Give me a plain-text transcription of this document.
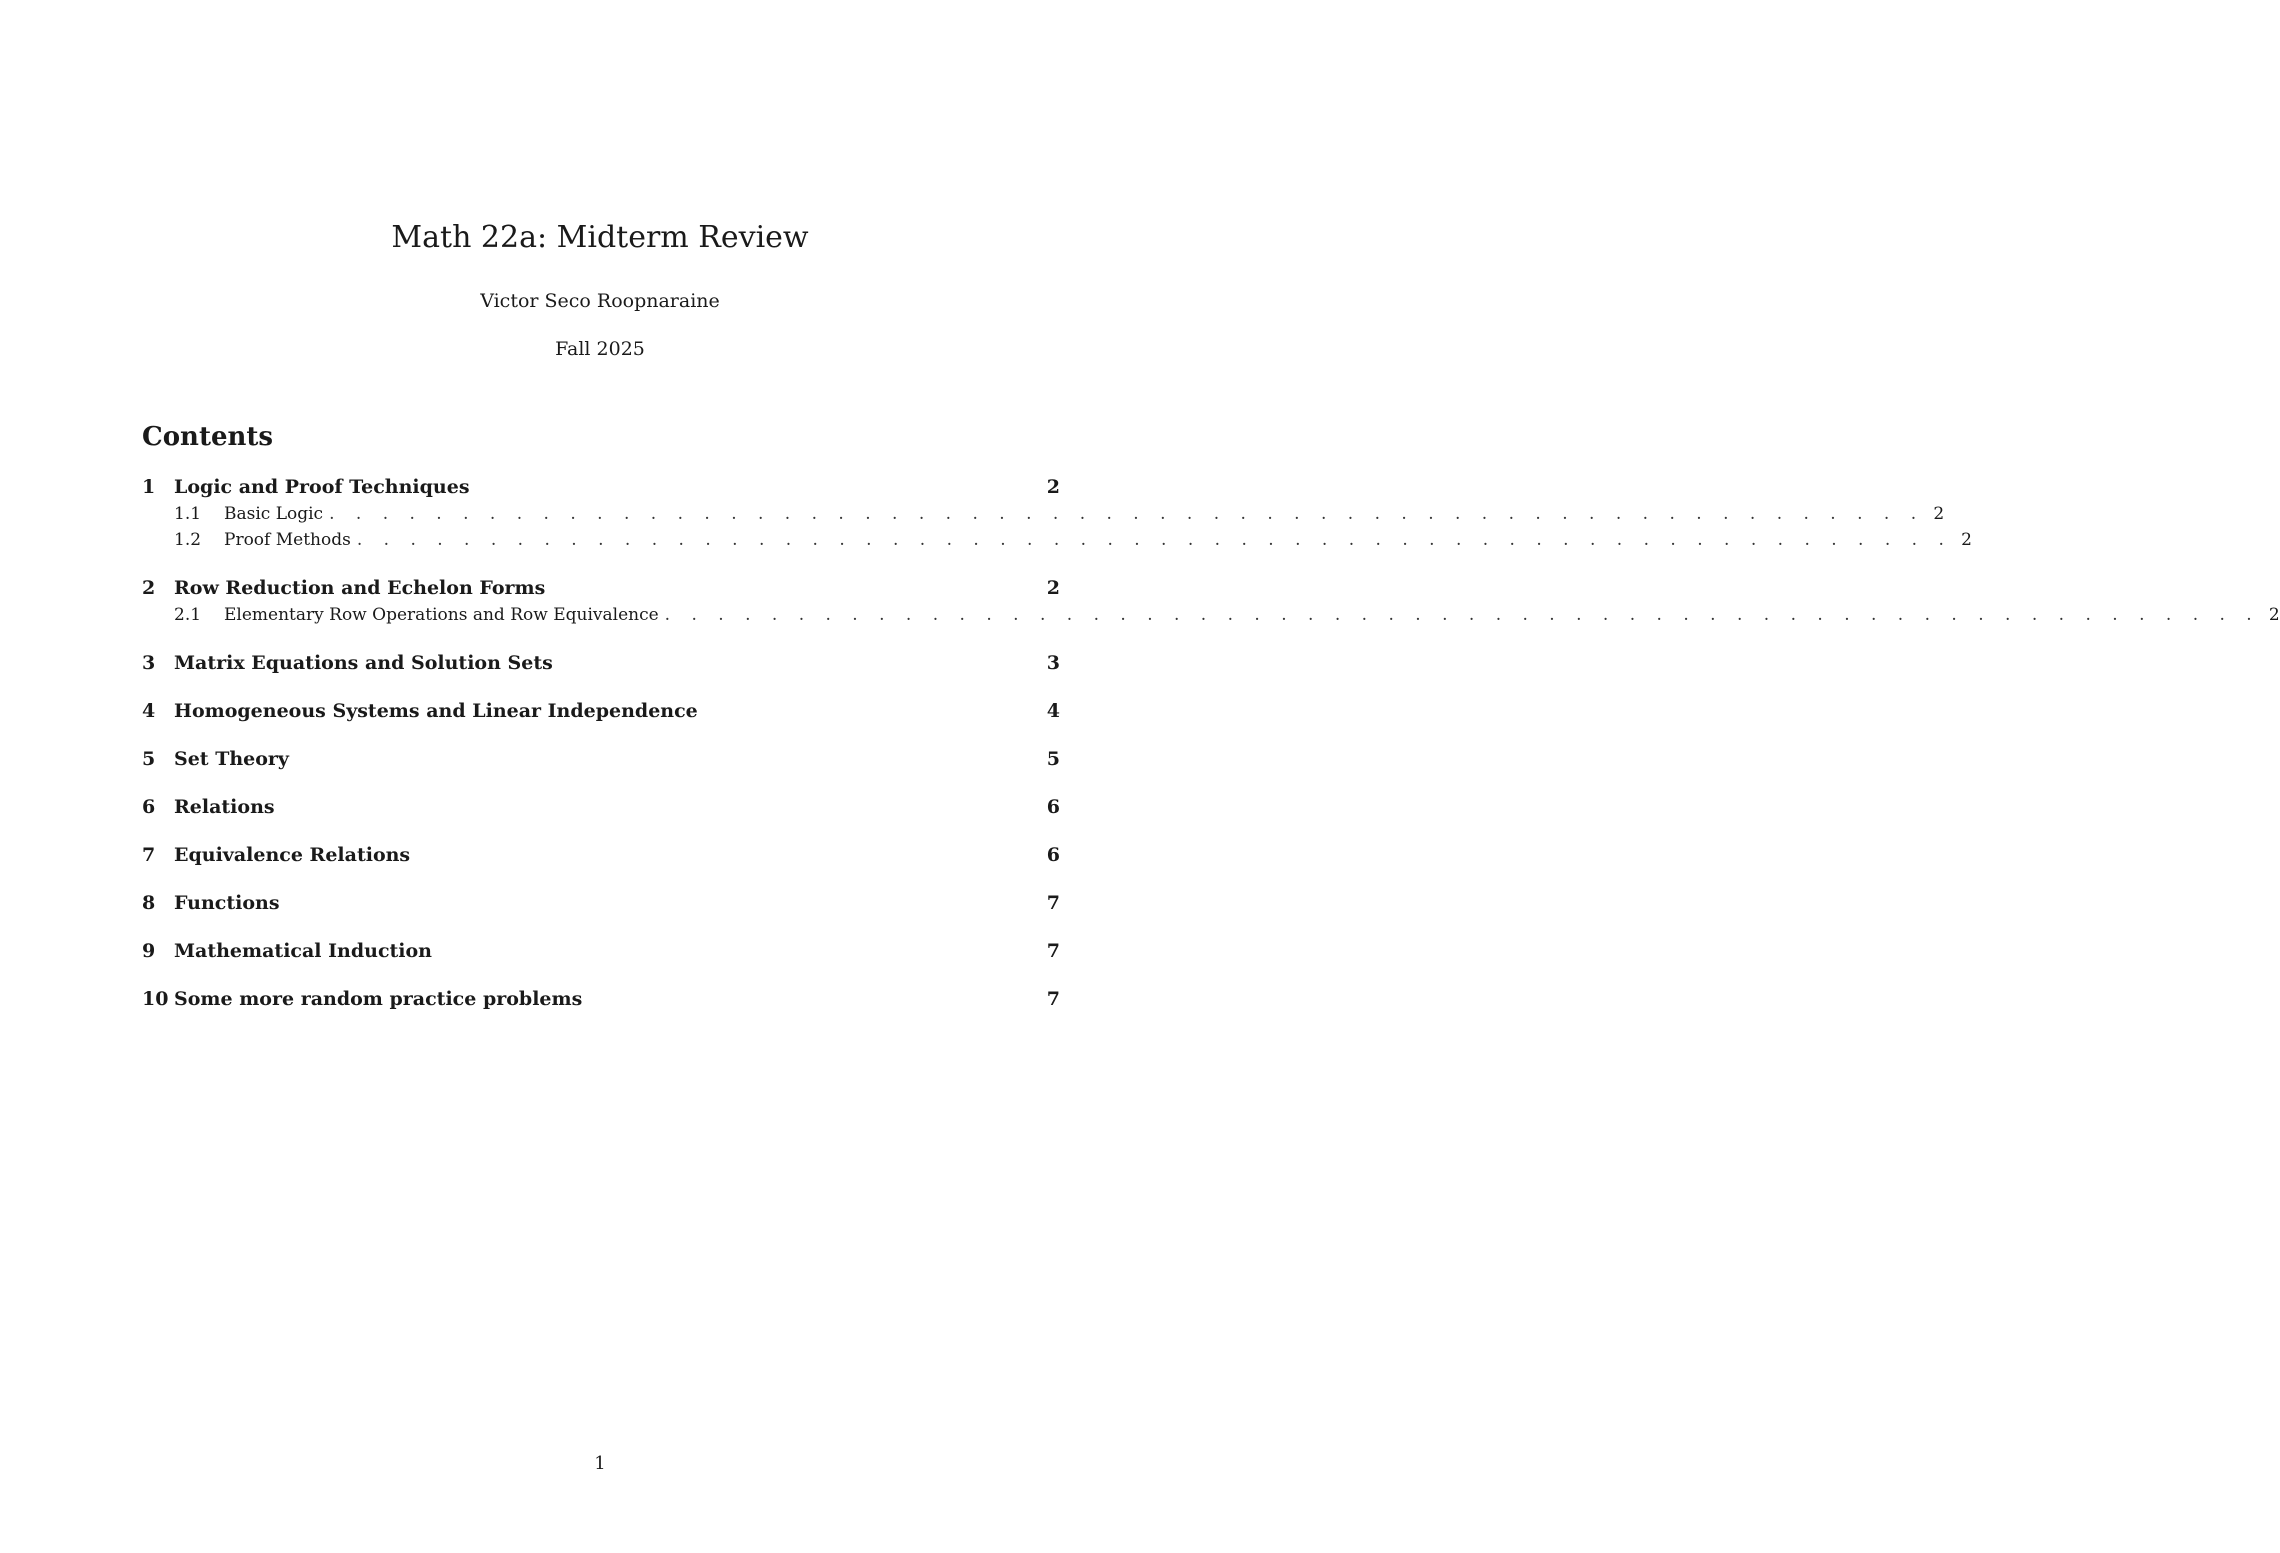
Math 22a: Midterm Review
Victor Seco Roopnaraine
Fall 2025
Contents
1 Logic and Proof Techniques	2
1.1	Basic Logic . . . . . . . . . . . . . . . . . . . . . . . . . . . . . . . . . . . . . . . . . . . . . . . . . . . . . . . . . . . . 2
1.2	Proof Methods . . . . . . . . . . . . . . . . . . . . . . . . . . . . . . . . . . . . . . . . . . . . . . . . . . . . . . . . . . . . 2
2 Row Reduction and Echelon Forms	2
2.1	Elementary Row Operations and Row Equivalence . . . . . . . . . . . . . . . . . . . . . . . . . . . . . . . . . . . . . . . . . . . . . . . . . . . . . . . . . . . . 2
3 Matrix Equations and Solution Sets	3
4 Homogeneous Systems and Linear Independence	4
5 Set Theory	5
6 Relations	6
7 Equivalence Relations	6
8 Functions	7
9 Mathematical Induction	7
10 Some more random practice problems	7
1
